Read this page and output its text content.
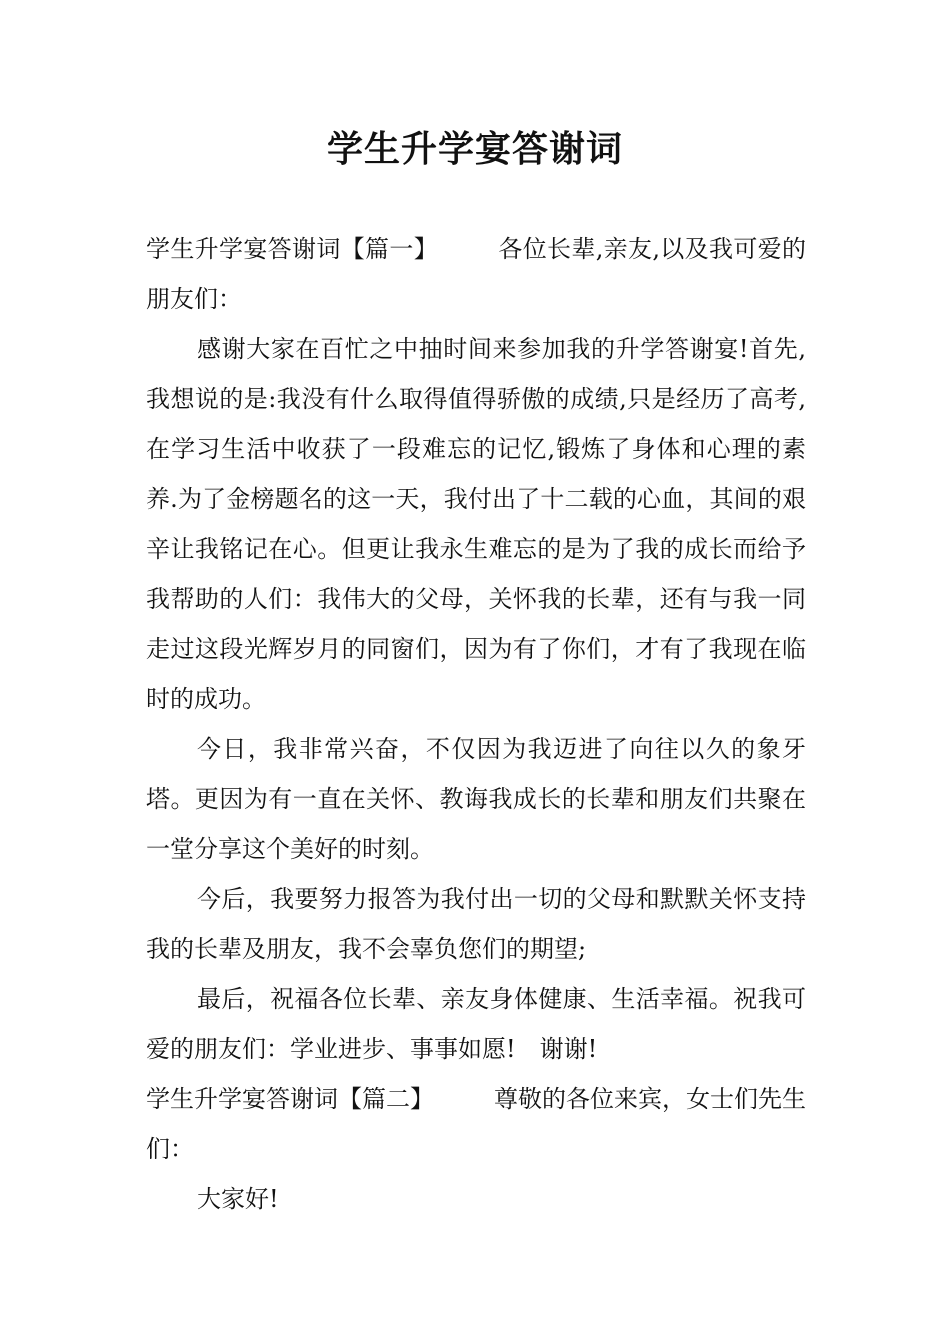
学生升学宴答谢词

学生升学宴答谢词【篇一】	各位长辈,亲友,以及我可爱的朋友们：

感谢大家在百忙之中抽时间来参加我的升学答谢宴!首先,我想说的是:我没有什么取得值得骄傲的成绩,只是经历了高考,在学习生活中收获了一段难忘的记忆,锻炼了身体和心理的素养.为了金榜题名的这一天，我付出了十二载的心血，其间的艰辛让我铭记在心。但更让我永生难忘的是为了我的成长而给予我帮助的人们：我伟大的父母，关怀我的长辈，还有与我一同走过这段光辉岁月的同窗们，因为有了你们，才有了我现在临时的成功。

今日，我非常兴奋，不仅因为我迈进了向往以久的象牙塔。更因为有一直在关怀、教诲我成长的长辈和朋友们共聚在一堂分享这个美好的时刻。

今后，我要努力报答为我付出一切的父母和默默关怀支持我的长辈及朋友，我不会辜负您们的期望;

最后，祝福各位长辈、亲友身体健康、生活幸福。祝我可爱的朋友们：学业进步、事事如愿!　谢谢!

学生升学宴答谢词【篇二】	尊敬的各位来宾，女士们先生们：

大家好!
